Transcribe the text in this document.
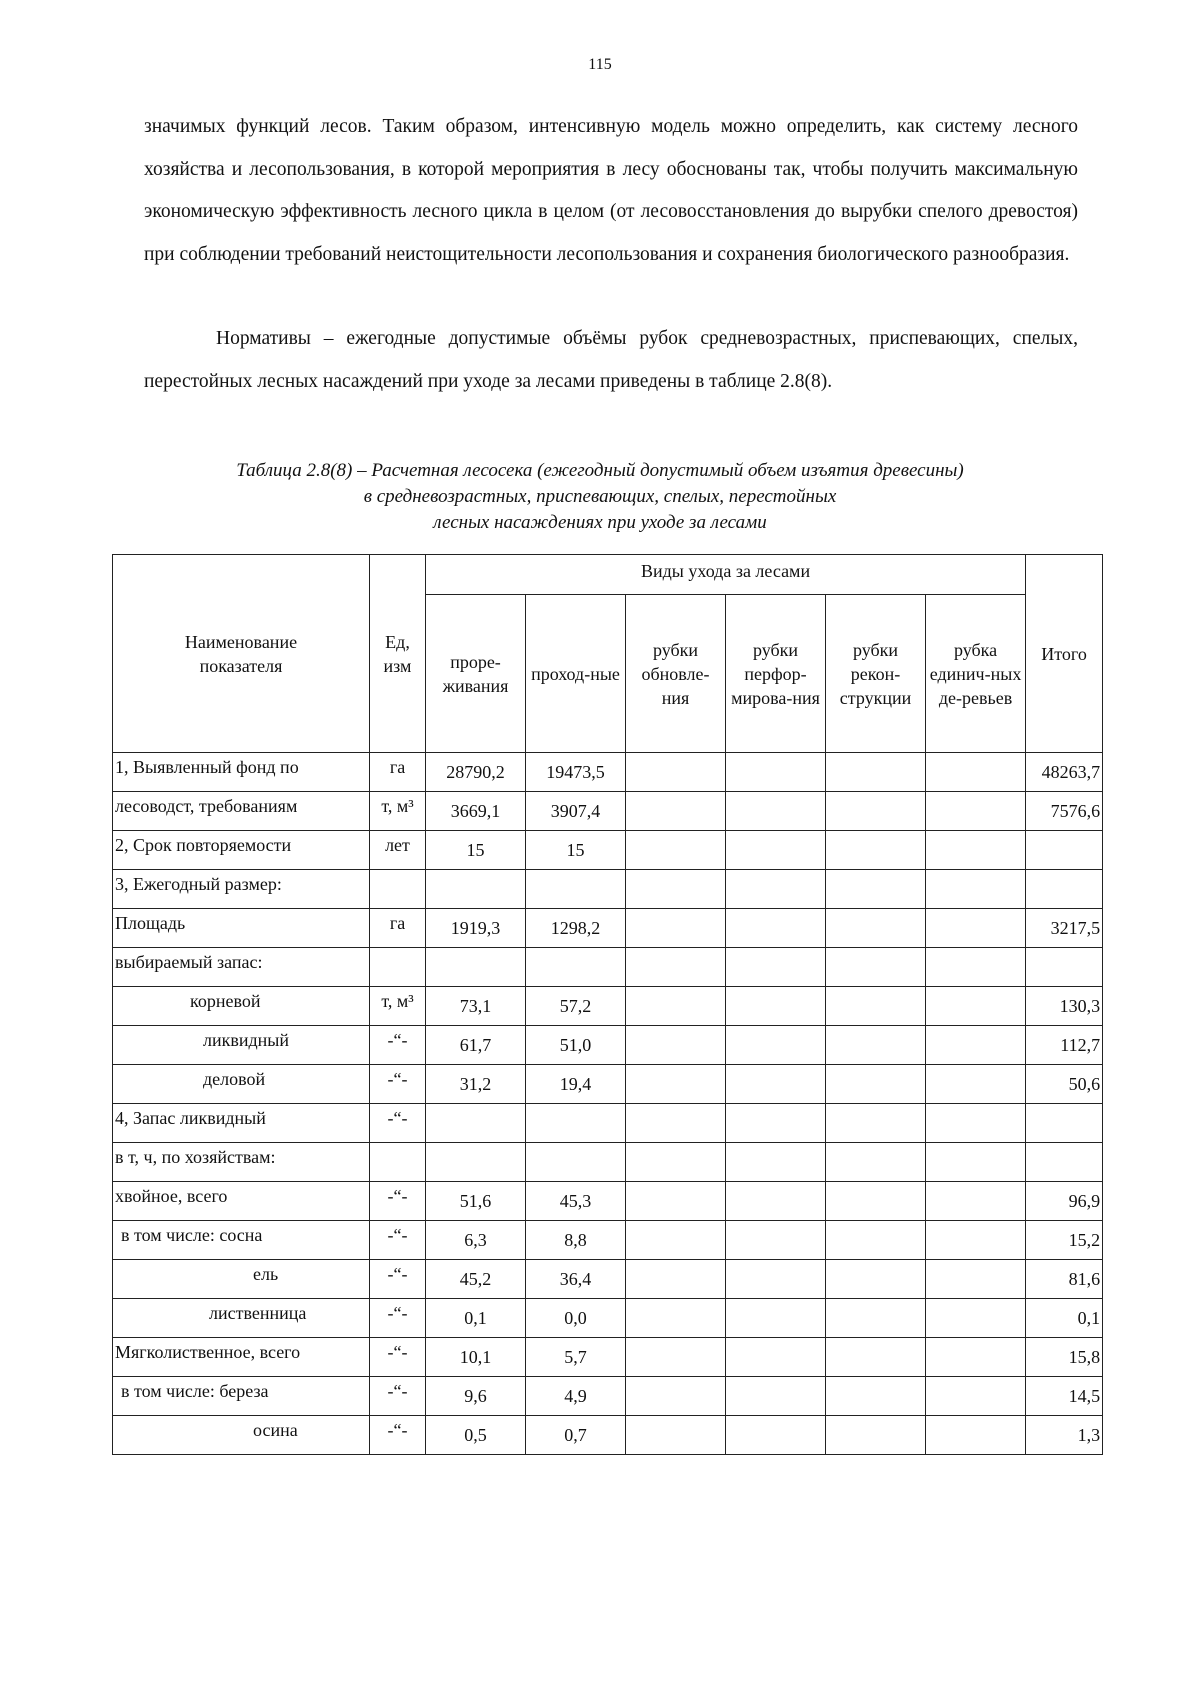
115

значимых функций лесов. Таким образом, интенсивную модель можно определить, как систему лесного хозяйства и лесопользования, в которой мероприятия в лесу обоснованы так, чтобы получить максимальную экономическую эффективность лесного цикла в целом (от лесовосстановления до вырубки спелого древостоя) при соблюдении требований неистощительности лесопользования и сохранения биологического разнообразия.

Нормативы – ежегодные допустимые объёмы рубок средневозрастных, приспевающих, спелых, перестойных лесных насаждений при уходе за лесами приведены в таблице 2.8(8).

Таблица 2.8(8) – Расчетная лесосека (ежегодный допустимый объем изъятия древесины)
в средневозрастных, приспевающих, спелых, перестойных
лесных насаждениях при уходе за лесами
Наименование показателя	Ед, изм	Виды ухода за лесами						Итого
		прорe-живания	проход-ные	рубки обновле-ния	рубки перфор-мирова-ния	рубки рекон-струкции	рубка единич-ных де-ревьев	
1, Выявленный фонд по	га	28790,2	19473,5					48263,7
лесоводст, требованиям	т, м³	3669,1	3907,4					7576,6
2, Срок повторяемости	лет	15	15					
3, Ежегодный размер:								
Площадь	га	1919,3	1298,2					3217,5
выбираемый запас:								
корневой	т, м³	73,1	57,2					130,3
ликвидный	-“-	61,7	51,0					112,7
деловой	-“-	31,2	19,4					50,6
4, Запас ликвидный	-“-							
в т, ч, по хозяйствам:								
хвойное, всего	-“-	51,6	45,3					96,9
в том числе: сосна	-“-	6,3	8,8					15,2
ель	-“-	45,2	36,4					81,6
лиственница	-“-	0,1	0,0					0,1
Мягколиственное, всего	-“-	10,1	5,7					15,8
в том числе: береза	-“-	9,6	4,9					14,5
осина	-“-	0,5	0,7					1,3
